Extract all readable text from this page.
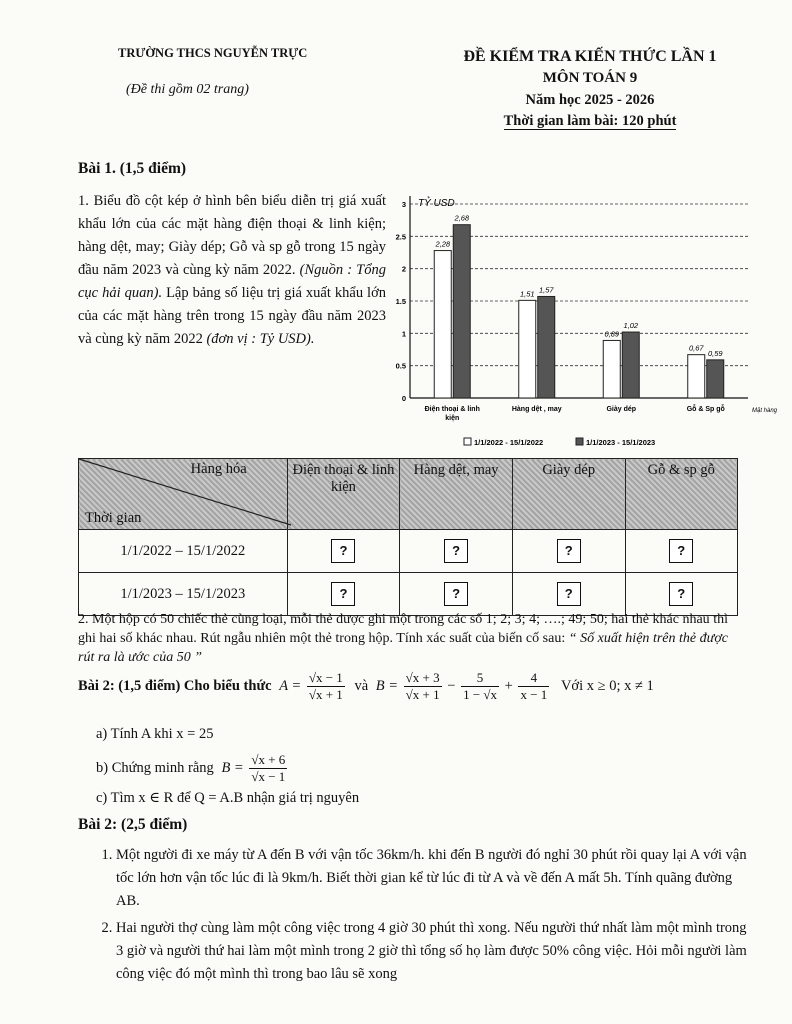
TRƯỜNG THCS NGUYỄN TRỰC
(Đề thi gồm 02 trang)
ĐỀ KIỂM TRA KIẾN THỨC LẦN 1
MÔN TOÁN 9
Năm học 2025 - 2026
Thời gian làm bài: 120 phút
Bài 1. (1,5 điểm)
1. Biểu đồ cột kép ở hình bên biểu diễn trị giá xuất khẩu lớn của các mặt hàng điện thoại & linh kiện; hàng dệt, may; Giày dép; Gỗ và sp gỗ trong 15 ngày đầu năm 2023 và cùng kỳ năm 2022. (Nguồn : Tổng cục hải quan). Lập bảng số liệu trị giá xuất khẩu lớn của các mặt hàng trên trong 15 ngày đầu năm 2023 và cùng kỳ năm 2022 (đơn vị : Tỷ USD).
TỶ USD
0
0.5
1
1.5
2
2.5
3
2,28
2,68
Điện thoại & linh kiện
1,51 1,57
Hàng dệt , may
0,89
1,02
Giày dép
0,67
0,59
Gỗ & Sp gỗ	Mặt hàng
1/1/2022 - 15/1/2022	1/1/2023 - 15/1/2023
Hàng hóa
Thời gian	Điện thoại & linh kiện	Hàng dệt, may	Giày dép	Gỗ & sp gỗ
1/1/2022 – 15/1/2022	?	?	?	?
1/1/2023 – 15/1/2023	?	?	?	?
2. Một hộp có 50 chiếc thẻ cùng loại, mỗi thẻ được ghi một trong các số 1; 2; 3; 4; ….; 49; 50; hai thẻ khác nhau thì ghi hai số khác nhau. Rút ngẫu nhiên một thẻ trong hộp. Tính xác suất của biến cố sau: “ Số xuất hiện trên thẻ được rút ra là ước của 50 ”
Bài 2: (1,5 điểm) Cho biểu thức $A = \frac{√x - 1}{√x + 1}$ và $B = \frac{√x + 3}{√x + 1} - \frac{5}{1 - √x} + \frac{4}{x - 1}$ Với x ≥ 0; x ≠ 1
a) Tính A khi x = 25
b) Chứng minh rằng $B = \frac{√x + 6}{√x - 1}$
c) Tìm x ∈ R để Q = A.B nhận giá trị nguyên
Bài 2: (2,5 điểm)
1. Một người đi xe máy từ A đến B với vận tốc 36km/h. khi đến B người đó nghỉ 30 phút rồi quay lại A với vận tốc lớn hơn vận tốc lúc đi là 9km/h. Biết thời gian kể từ lúc đi từ A và về đến A mất 5h. Tính quãng đường AB.
2. Hai người thợ cùng làm một công việc trong 4 giờ 30 phút thì xong. Nếu người thứ nhất làm một mình trong 3 giờ và người thứ hai làm một mình trong 2 giờ thì tổng số họ làm được 50% công việc. Hỏi mỗi người làm công việc đó một mình thì trong bao lâu sẽ xong
